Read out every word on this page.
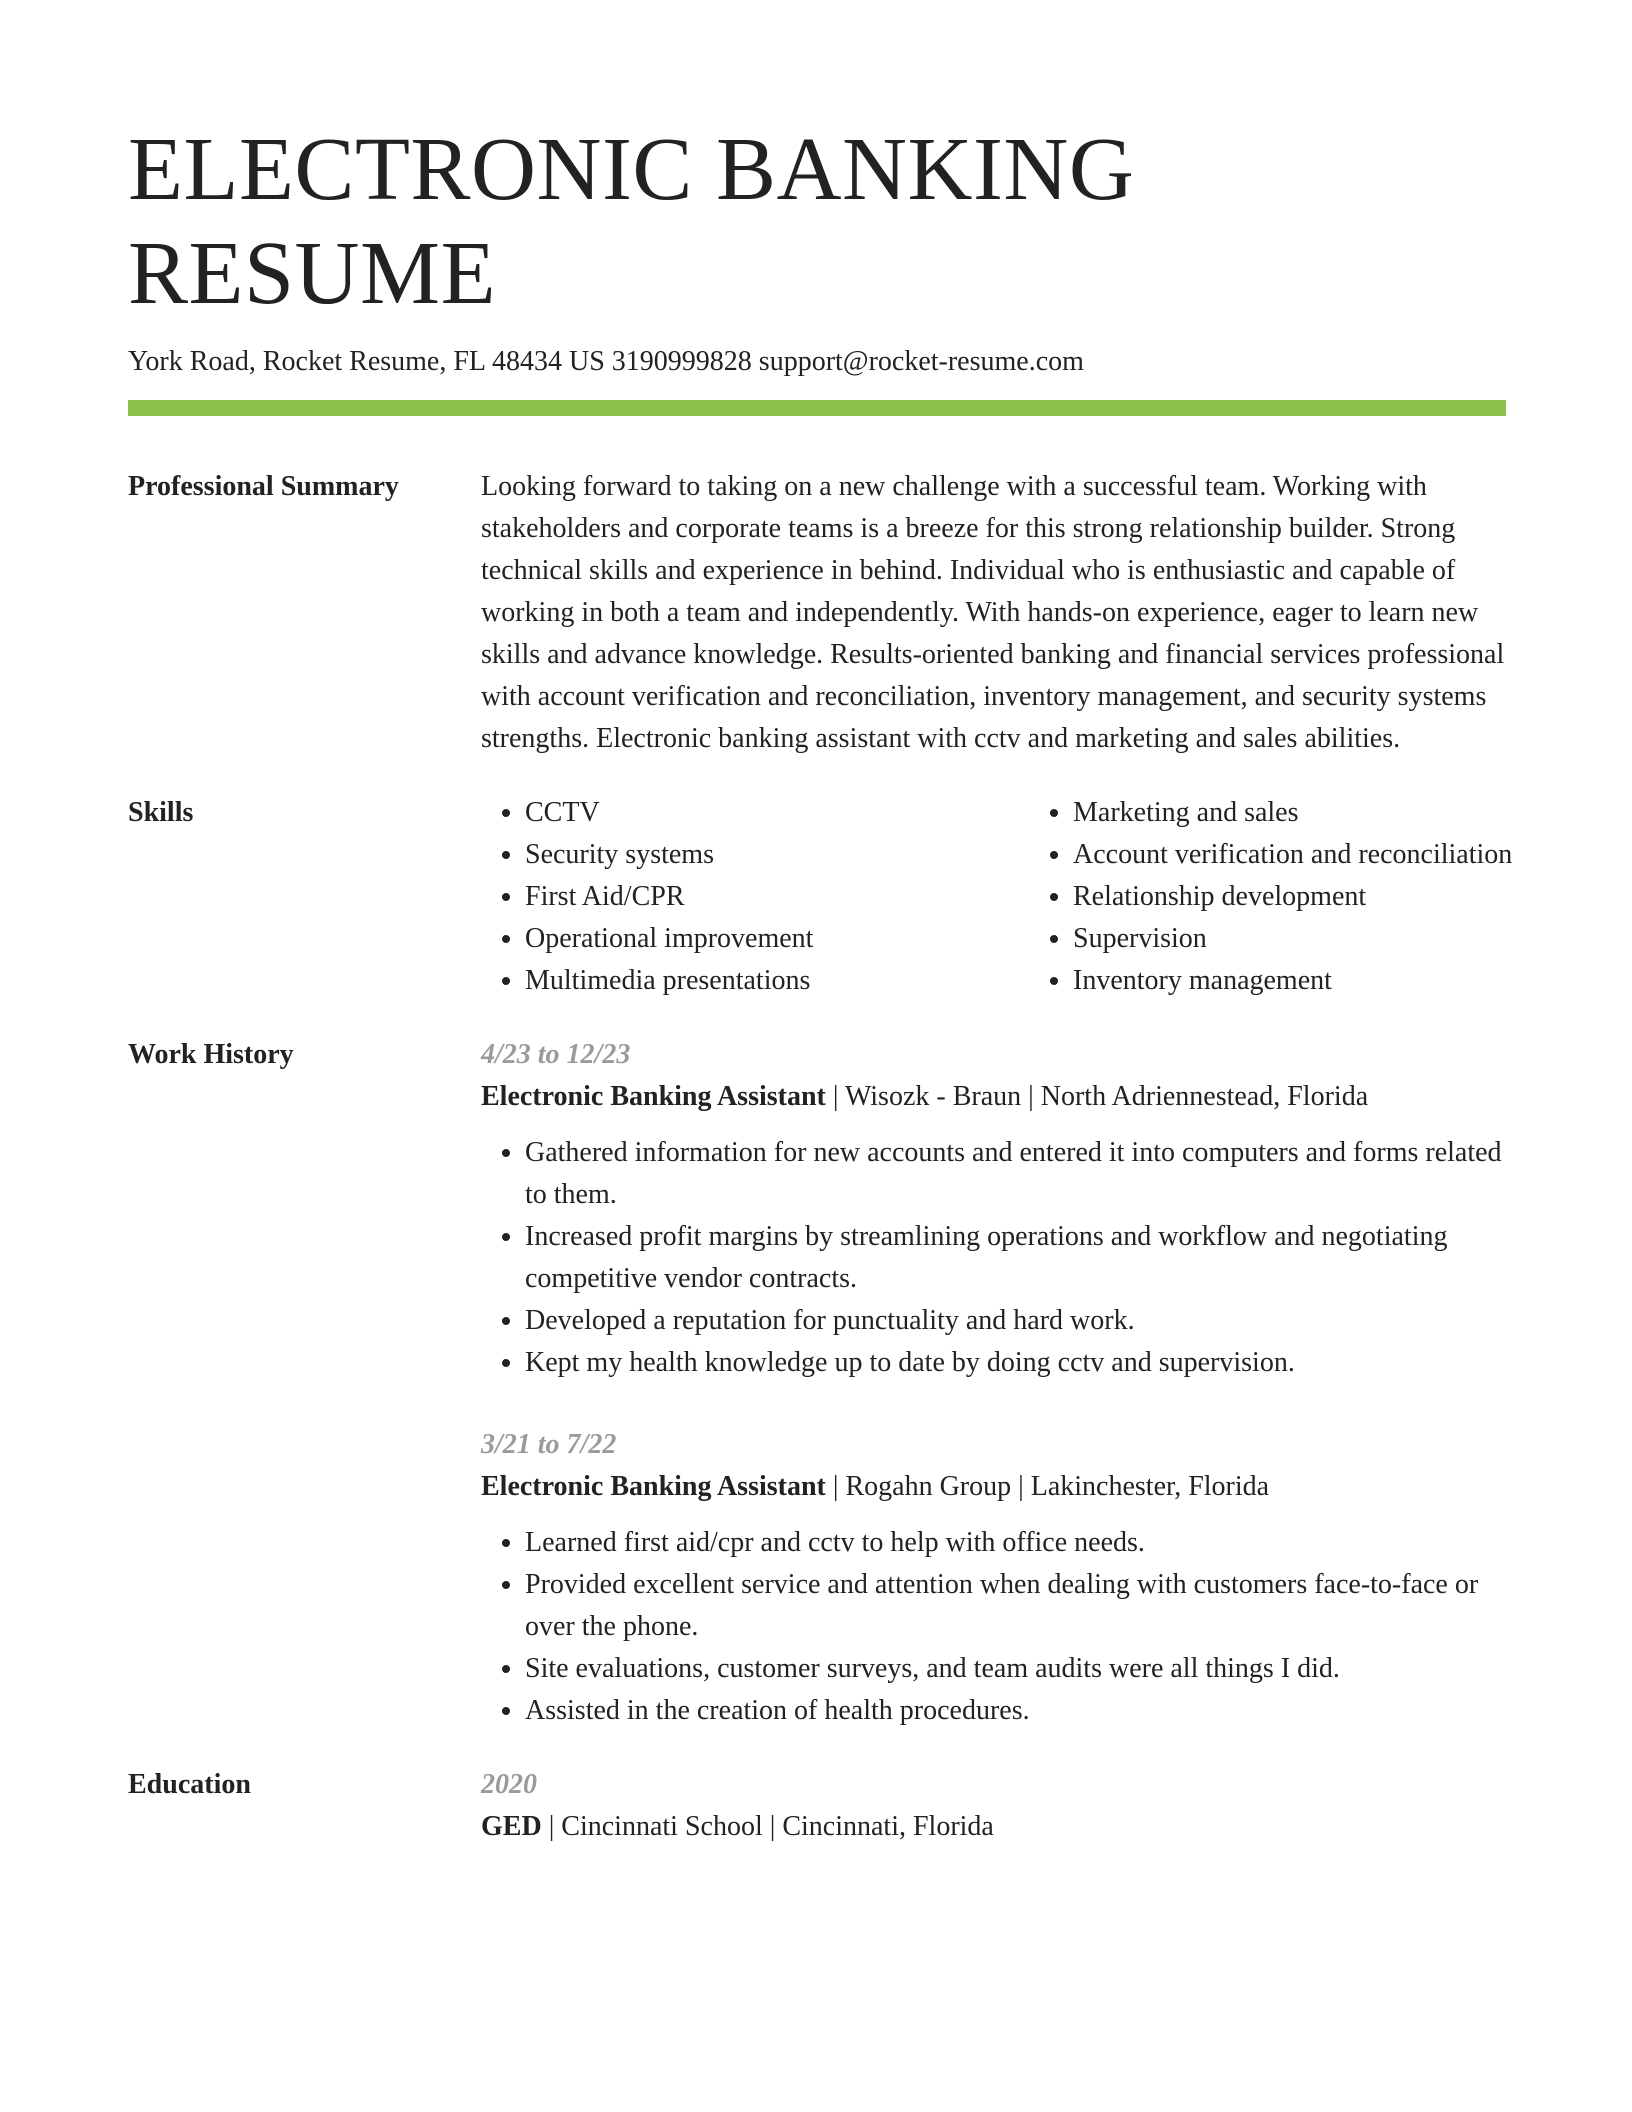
ELECTRONIC BANKING RESUME
York Road, Rocket Resume, FL 48434 US 3190999828 support@rocket-resume.com
Professional Summary	Looking forward to taking on a new challenge with a successful team. Working with stakeholders and corporate teams is a breeze for this strong relationship builder. Strong technical skills and experience in behind. Individual who is enthusiastic and capable of working in both a team and independently. With hands-on experience, eager to learn new skills and advance knowledge. Results-oriented banking and financial services professional with account verification and reconciliation, inventory management, and security systems strengths. Electronic banking assistant with cctv and marketing and sales abilities.
Skills
•	CCTV
• Security systems
• First Aid/CPR
• Operational improvement
• Multimedia presentations
• Marketing and sales
• Account verification and reconciliation
• Relationship development
• Supervision
• Inventory management
Work History	4/23 to 12/23
Electronic Banking Assistant | Wisozk - Braun | North Adriennestead, Florida
• Gathered information for new accounts and entered it into computers and forms related to them.
• Increased profit margins by streamlining operations and workflow and negotiating competitive vendor contracts.
• Developed a reputation for punctuality and hard work.
• Kept my health knowledge up to date by doing cctv and supervision.
3/21 to 7/22
Electronic Banking Assistant | Rogahn Group | Lakinchester, Florida
• Learned first aid/cpr and cctv to help with office needs.
• Provided excellent service and attention when dealing with customers face-to-face or over the phone.
• Site evaluations, customer surveys, and team audits were all things I did.
• Assisted in the creation of health procedures.
Education	2020
GED | Cincinnati School | Cincinnati, Florida
